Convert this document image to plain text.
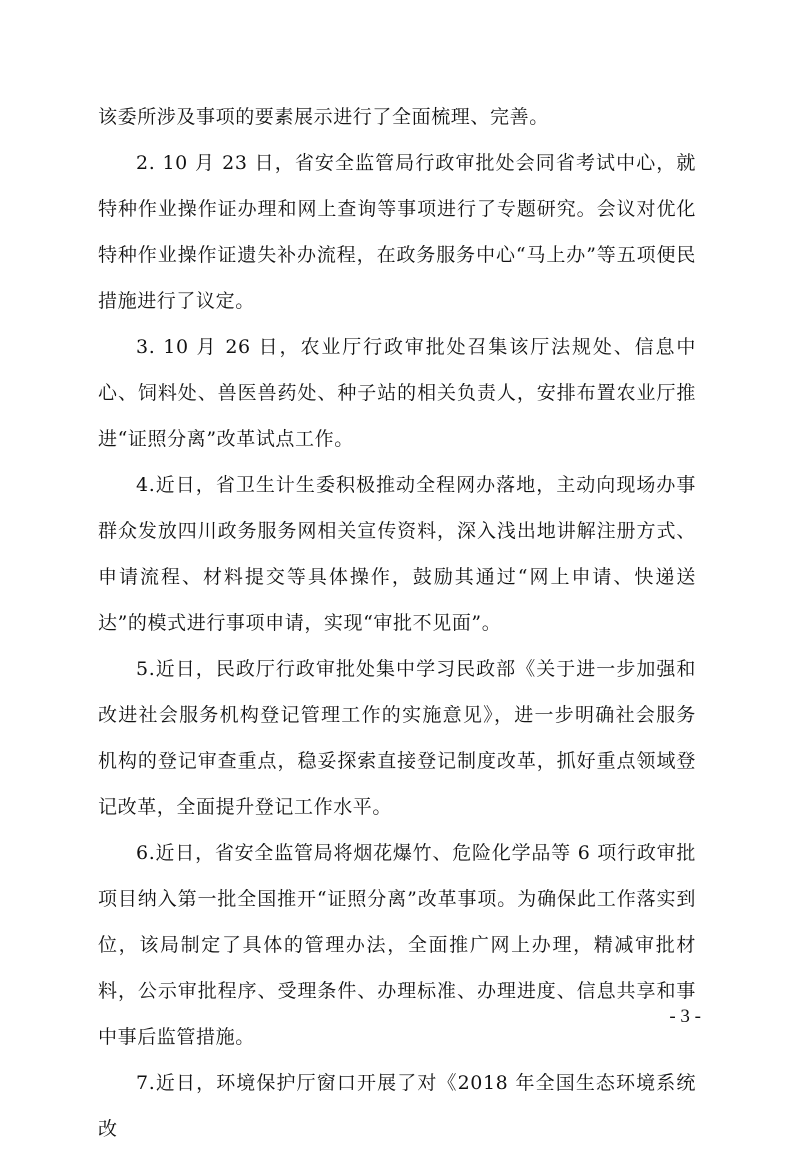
该委所涉及事项的要素展示进行了全面梳理、完善。

2. 10 月 23 日，省安全监管局行政审批处会同省考试中心，就特种作业操作证办理和网上查询等事项进行了专题研究。会议对优化特种作业操作证遗失补办流程，在政务服务中心“马上办”等五项便民措施进行了议定。

3. 10 月 26 日，农业厅行政审批处召集该厅法规处、信息中心、饲料处、兽医兽药处、种子站的相关负责人，安排布置农业厅推进“证照分离”改革试点工作。

4.近日，省卫生计生委积极推动全程网办落地，主动向现场办事群众发放四川政务服务网相关宣传资料，深入浅出地讲解注册方式、申请流程、材料提交等具体操作，鼓励其通过“网上申请、快递送达”的模式进行事项申请，实现“审批不见面”。

5.近日，民政厅行政审批处集中学习民政部《关于进一步加强和改进社会服务机构登记管理工作的实施意见》，进一步明确社会服务机构的登记审查重点，稳妥探索直接登记制度改革，抓好重点领域登记改革，全面提升登记工作水平。

6.近日，省安全监管局将烟花爆竹、危险化学品等 6 项行政审批项目纳入第一批全国推开“证照分离”改革事项。为确保此工作落实到位，该局制定了具体的管理办法，全面推广网上办理，精减审批材料，公示审批程序、受理条件、办理标准、办理进度、信息共享和事中事后监管措施。

7.近日，环境保护厅窗口开展了对《2018 年全国生态环境系统改

- 3 -
